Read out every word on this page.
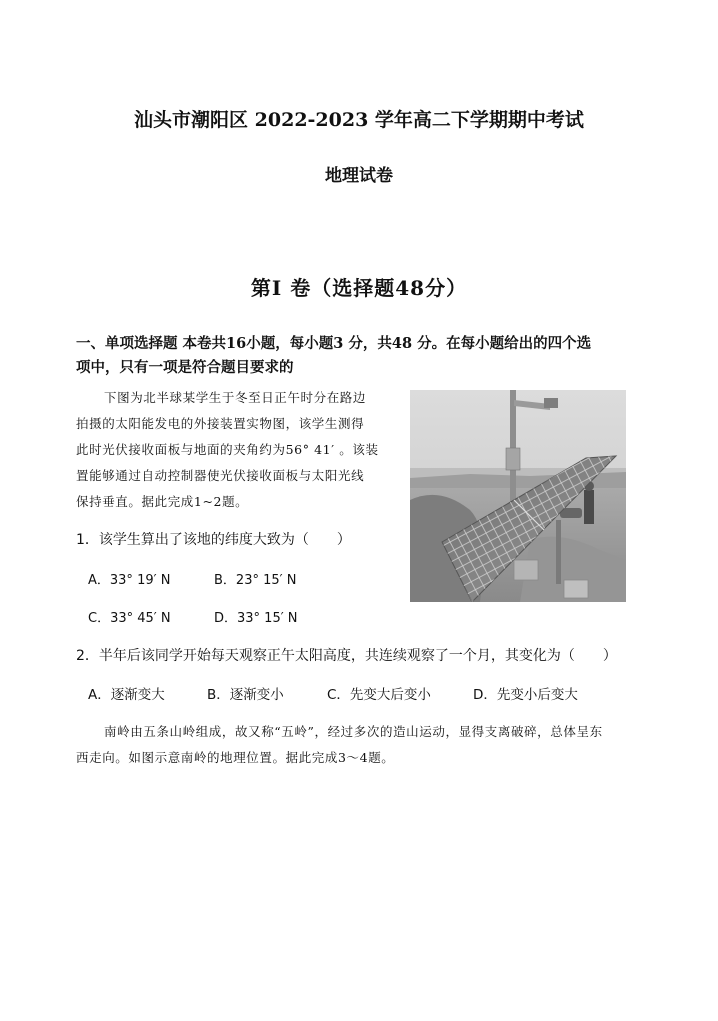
汕头市潮阳区 2022-2023 学年高二下学期期中考试
地理试卷
第Ⅰ 卷（选择题48分）
一、单项选择题 本卷共16小题，每小题3 分，共48 分。在每小题给出的四个选
项中，只有一项是符合题目要求的
下图为北半球某学生于冬至日正午时分在路边
拍摄的太阳能发电的外接装置实物图，该学生测得
此时光伏接收面板与地面的夹角约为56° 41′ 。该装
置能够通过自动控制器使光伏接收面板与太阳光线
保持垂直。据此完成1~2题。
1．该学生算出了该地的纬度大致为（　　）
A．33° 19′ N	B．23° 15′ N
C．33° 45′ N	D．33° 15′ N
2．半年后该同学开始每天观察正午太阳高度，共连续观察了一个月，其变化为（　　）
A．逐渐变大	B．逐渐变小	C．先变大后变小	D．先变小后变大
南岭由五条山岭组成，故又称“五岭”，经过多次的造山运动，显得支离破碎，总体呈东
西走向。如图示意南岭的地理位置。据此完成3～4题。
